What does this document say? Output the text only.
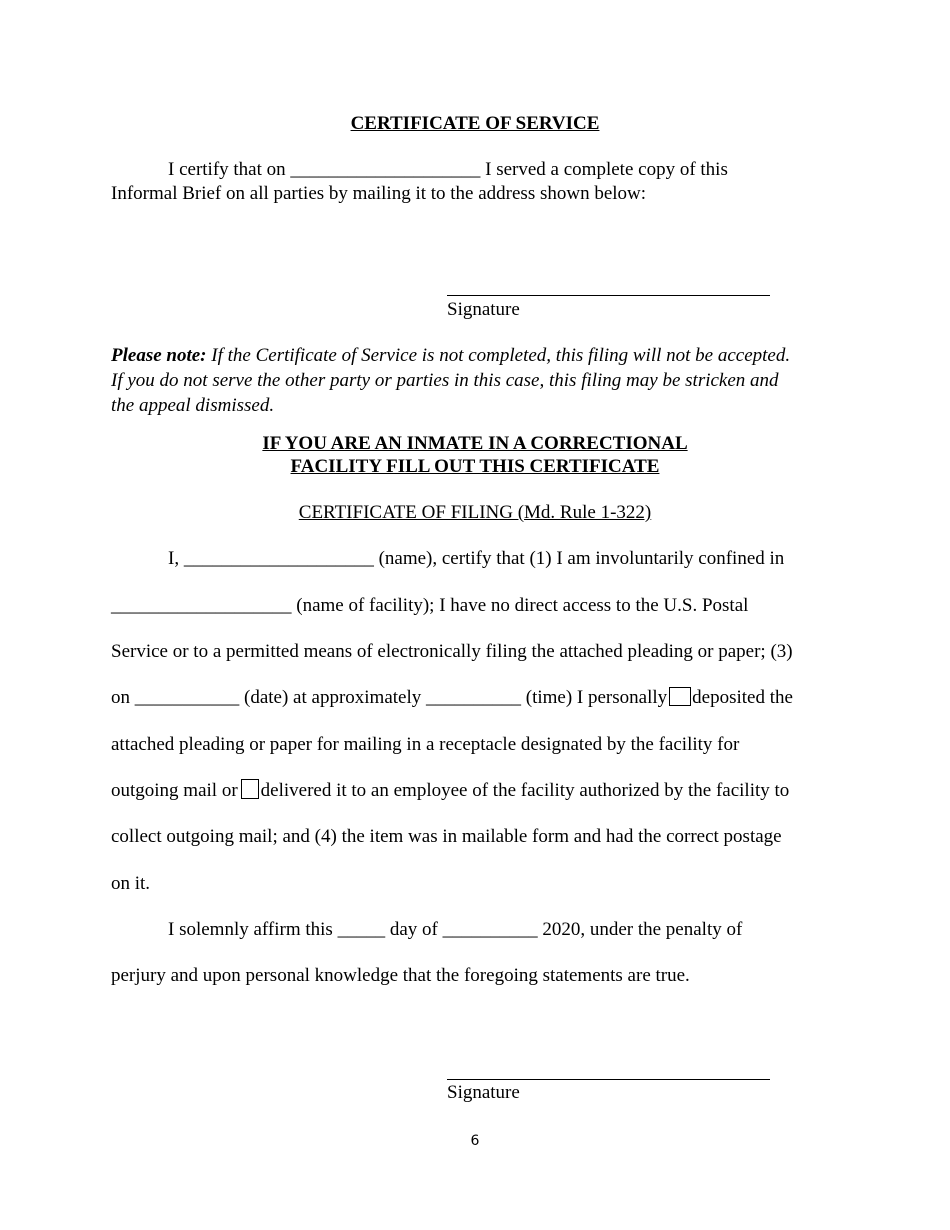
CERTIFICATE OF SERVICE
I certify that on ____________________ I served a complete copy of this
Informal Brief on all parties by mailing it to the address shown below:
Signature
Please note: If the Certificate of Service is not completed, this filing will not be accepted.
If you do not serve the other party or parties in this case, this filing may be stricken and
the appeal dismissed.
IF YOU ARE AN INMATE IN A CORRECTIONAL
FACILITY FILL OUT THIS CERTIFICATE
CERTIFICATE OF FILING (Md. Rule 1-322)
I, ____________________ (name), certify that (1) I am involuntarily confined in
___________________ (name of facility); I have no direct access to the U.S. Postal
Service or to a permitted means of electronically filing the attached pleading or paper; (3)
on ___________ (date) at approximately __________ (time) I personally deposited the
attached pleading or paper for mailing in a receptacle designated by the facility for
outgoing mail or delivered it to an employee of the facility authorized by the facility to
collect outgoing mail; and (4) the item was in mailable form and had the correct postage
on it.
I solemnly affirm this _____ day of __________ 2020, under the penalty of
perjury and upon personal knowledge that the foregoing statements are true.
Signature
6
